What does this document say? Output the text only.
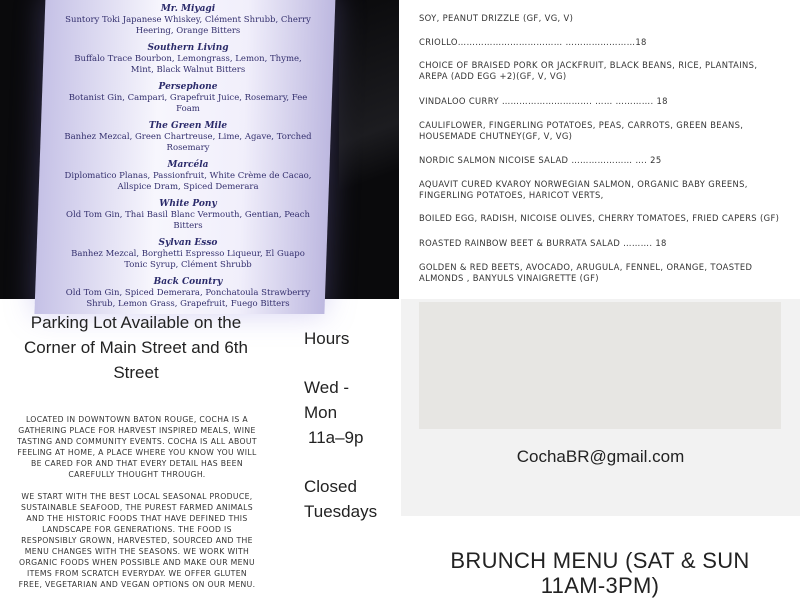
Mr. Miyagi
Suntory Toki Japanese Whiskey, Clément Shrubb, Cherry Heering, Orange Bitters
Southern Living
Buffalo Trace Bourbon, Lemongrass, Lemon, Thyme, Mint, Black Walnut Bitters
Persephone
Botanist Gin, Campari, Grapefruit Juice, Rosemary, Fee Foam
The Green Mile
Banhez Mezcal, Green Chartreuse, Lime, Agave, Torched Rosemary
Marcéla
Diplomatico Planas, Passionfruit, White Crème de Cacao, Allspice Dram, Spiced Demerara
White Pony
Old Tom Gin, Thai Basil Blanc Vermouth, Gentian, Peach Bitters
Sylvan Esso
Banhez Mezcal, Borghetti Espresso Liqueur, El Guapo Tonic Syrup, Clément Shrubb
Back Country
Old Tom Gin, Spiced Demerara, Ponchatoula Strawberry Shrub, Lemon Grass, Grapefruit, Fuego Bitters
SOY, PEANUT DRIZZLE (GF, VG, V)
CRIOLLO……………………………… ……………………18
CHOICE OF BRAISED PORK OR JACKFRUIT, BLACK BEANS, RICE, PLANTAINS, AREPA (ADD EGG +2)(GF, V, VG)
VINDALOO CURRY …………………………. …… …………. 18
CAULIFLOWER, FINGERLING POTATOES, PEAS, CARROTS, GREEN BEANS, HOUSEMADE CHUTNEY(GF, V, VG)
NORDIC SALMON NICOISE SALAD ………………… …. 25
AQUAVIT CURED KVAROY NORWEGIAN SALMON, ORGANIC BABY GREENS, FINGERLING POTATOES, HARICOT VERTS,
BOILED EGG, RADISH, NICOISE OLIVES, CHERRY TOMATOES, FRIED CAPERS (GF)
ROASTED RAINBOW BEET & BURRATA SALAD ………. 18
GOLDEN & RED BEETS, AVOCADO, ARUGULA, FENNEL, ORANGE, TOASTED ALMONDS , BANYULS VINAIGRETTE (GF)
Parking Lot Available on the Corner of Main Street and 6th Street

LOCATED IN DOWNTOWN BATON ROUGE, COCHA IS A GATHERING PLACE FOR HARVEST INSPIRED MEALS, WINE TASTING AND COMMUNITY EVENTS. COCHA IS ALL ABOUT FEELING AT HOME, A PLACE WHERE YOU KNOW YOU WILL BE CARED FOR AND THAT EVERY DETAIL HAS BEEN CAREFULLY THOUGHT THROUGH.

WE START WITH THE BEST LOCAL SEASONAL PRODUCE, SUSTAINABLE SEAFOOD, THE PUREST FARMED ANIMALS AND THE HISTORIC FOODS THAT HAVE DEFINED THIS LANDSCAPE FOR GENERATIONS. THE FOOD IS RESPONSIBLY GROWN, HARVESTED, SOURCED AND THE MENU CHANGES WITH THE SEASONS. WE WORK WITH ORGANIC FOODS WHEN POSSIBLE AND MAKE OUR MENU ITEMS FROM SCRATCH EVERYDAY. WE OFFER GLUTEN FREE, VEGETARIAN AND VEGAN OPTIONS ON OUR MENU.

Hours
Wed -
Mon
11a–9p
Closed
Tuesdays
CochaBR@gmail.com
BRUNCH MENU (SAT & SUN 11AM-3PM)
